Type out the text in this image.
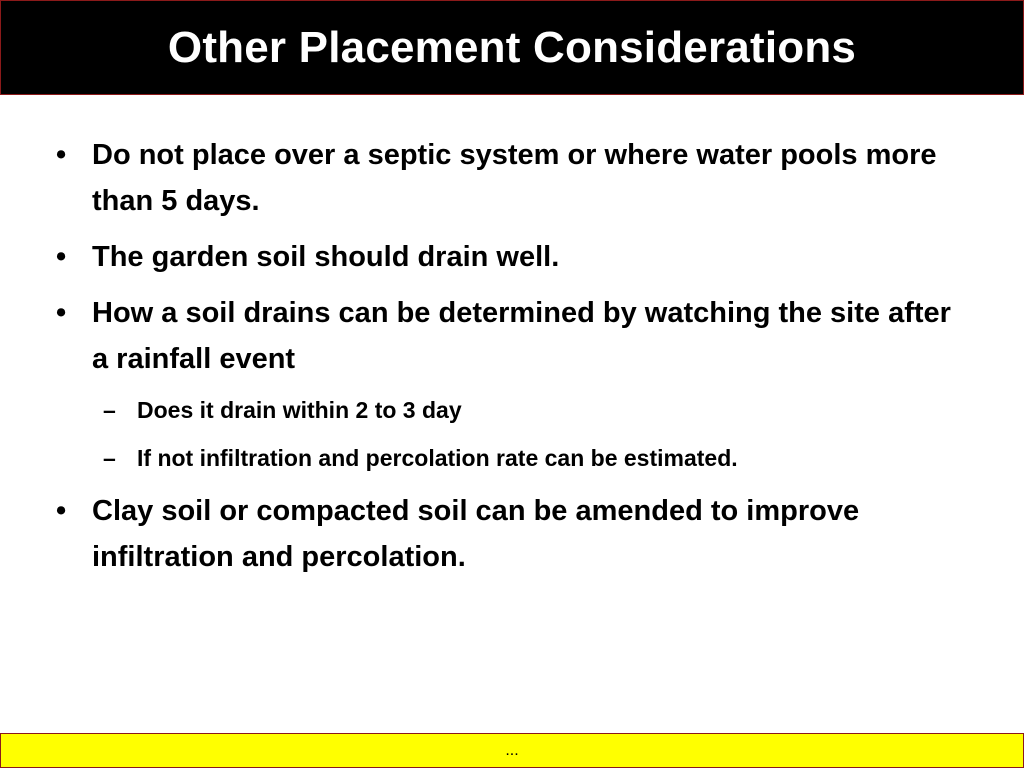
Other Placement Considerations
• Do not place over a septic system or where water pools more than 5 days.
• The garden soil should drain well.
• How a soil drains can be determined by watching the site after a rainfall event
– Does it drain within 2 to 3 day
– If not infiltration and percolation rate can be estimated.
• Clay soil or compacted soil can be amended to improve infiltration and percolation.
...
